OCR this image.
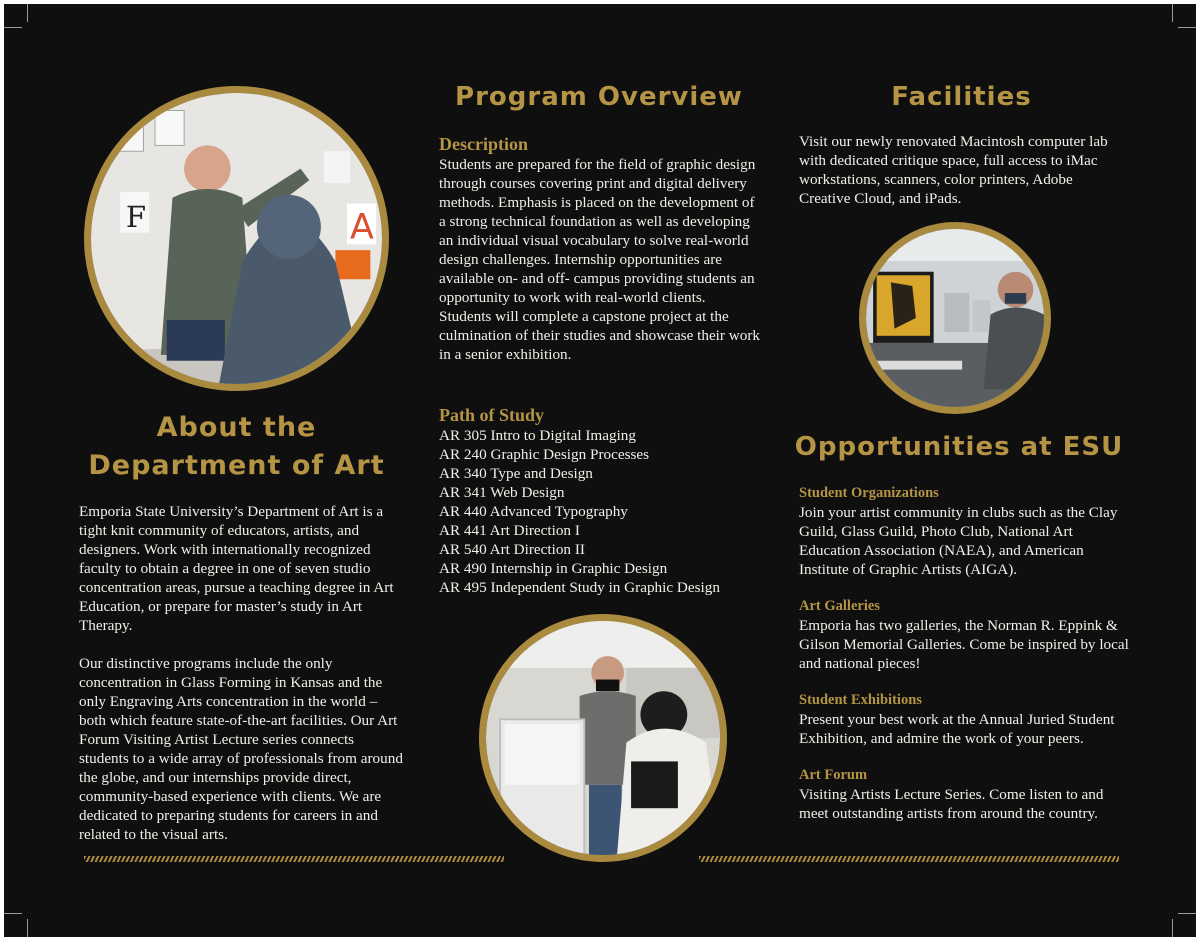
A
F
About the
Department of Art

Emporia State University’s Department of Art is a tight knit community of educators, artists, and designers. Work with internationally recognized faculty to obtain a degree in one of seven studio concentration areas, pursue a teaching degree in Art Education, or prepare for master’s study in Art Therapy.

Our distinctive programs include the only concentration in Glass Forming in Kansas and the only Engraving Arts concentration in the world – both which feature state-of-the-art facilities. Our Art Forum Visiting Artist Lecture series connects students to a wide array of professionals from around the globe, and our internships provide direct, community-based experience with clients. We are dedicated to preparing students for careers in and related to the visual arts.

Program Overview
Description
Students are prepared for the field of graphic design through courses covering print and digital delivery methods. Emphasis is placed on the development of a strong technical foundation as well as developing an individual visual vocabulary to solve real-world design challenges. Internship opportunities are available on- and off- campus providing students an opportunity to work with real-world clients. Students will complete a capstone project at the culmination of their studies and showcase their work in a senior exhibition.
Path of Study
AR 305 Intro to Digital Imaging
AR 240 Graphic Design Processes
AR 340 Type and Design
AR 341 Web Design
AR 440 Advanced Typography
AR 441 Art Direction I
AR 540 Art Direction II
AR 490 Internship in Graphic Design
AR 495 Independent Study in Graphic Design
Facilities
Visit our newly renovated Macintosh computer lab with dedicated critique space, full access to iMac workstations, scanners, color printers, Adobe Creative Cloud, and iPads.
Opportunities at ESU
Student Organizations
Join your artist community in clubs such as the Clay Guild, Glass Guild, Photo Club, National Art Education Association (NAEA), and American Institute of Graphic Artists (AIGA).
Art Galleries
Emporia has two galleries, the Norman R. Eppink & Gilson Memorial Galleries. Come be inspired by local and national pieces!
Student Exhibitions
Present your best work at the Annual Juried Student Exhibition, and admire the work of your peers.
Art Forum
Visiting Artists Lecture Series. Come listen to and meet outstanding artists from around the country.
